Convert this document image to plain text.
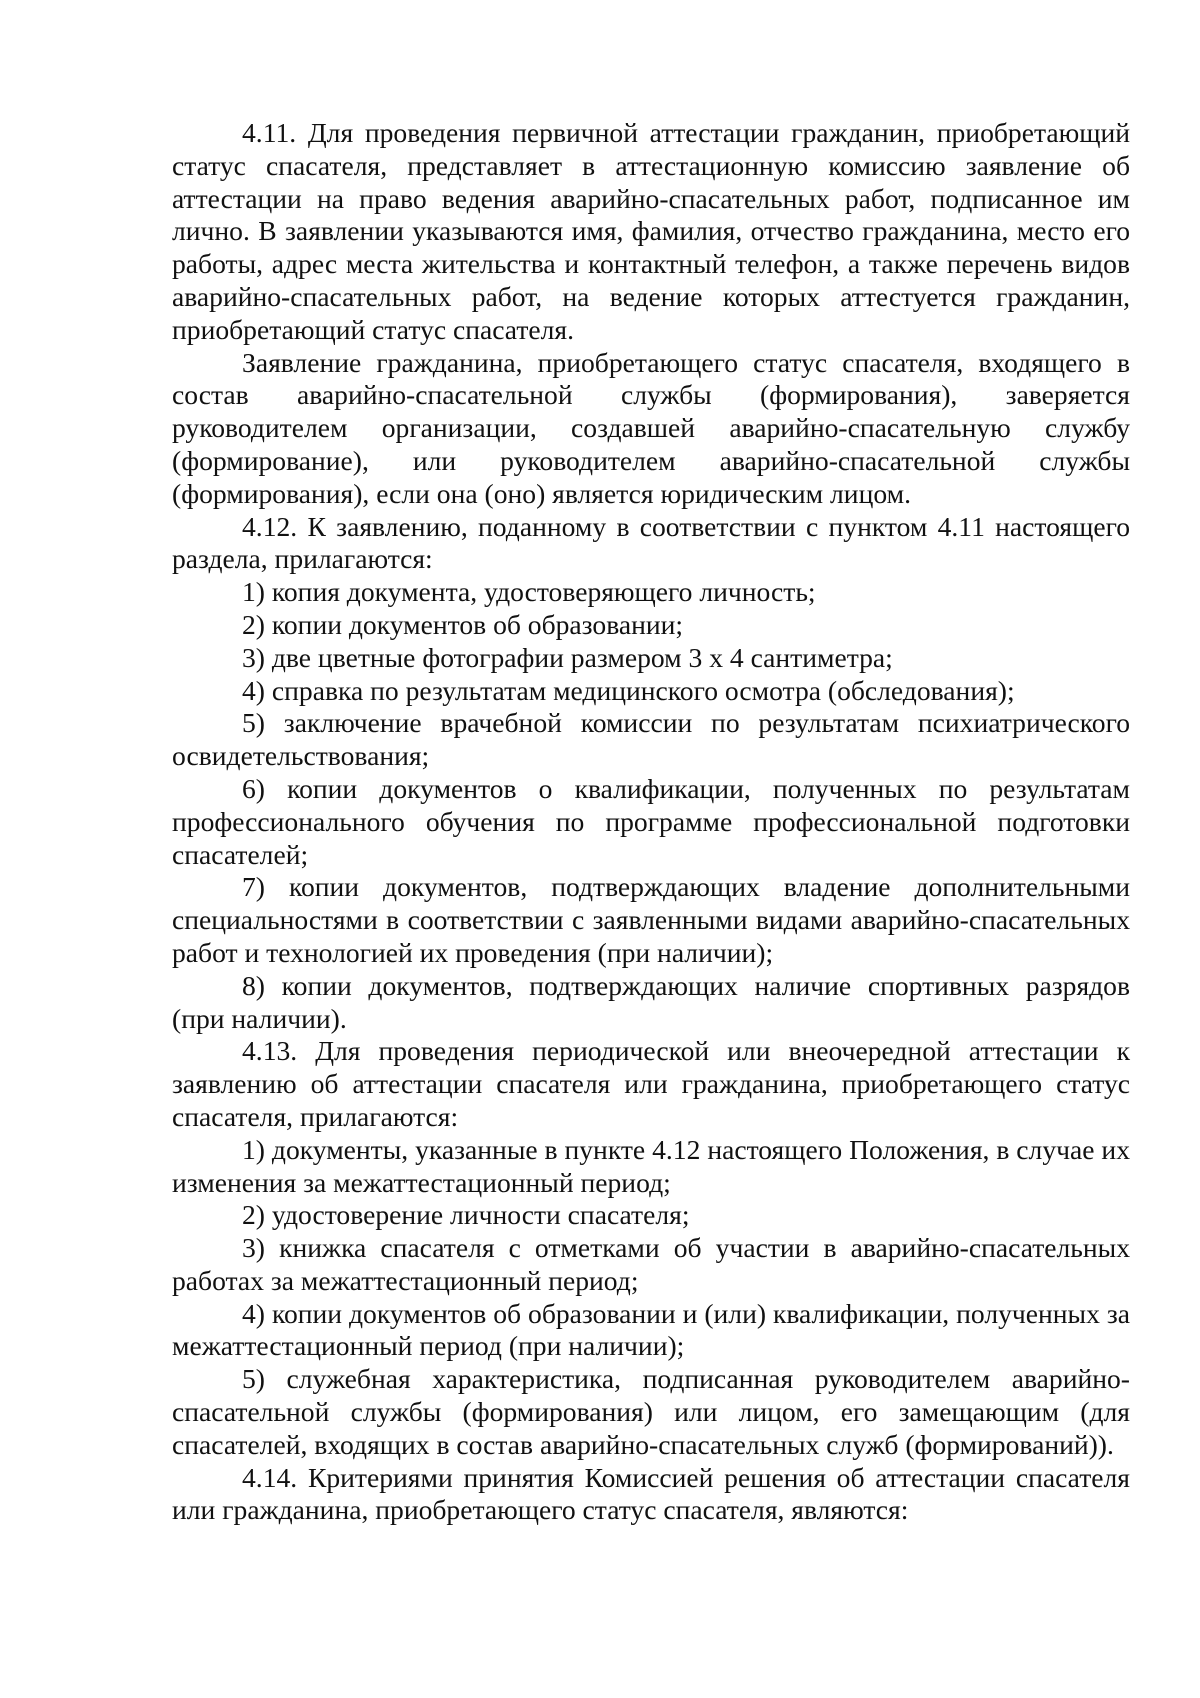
4.11. Для проведения первичной аттестации гражданин, приобретающий статус спасателя, представляет в аттестационную комиссию заявление об аттестации на право ведения аварийно-спасательных работ, подписанное им лично. В заявлении указываются имя, фамилия, отчество гражданина, место его работы, адрес места жительства и контактный телефон, а также перечень видов аварийно-спасательных работ, на ведение которых аттестуется гражданин, приобретающий статус спасателя.

Заявление гражданина, приобретающего статус спасателя, входящего в состав аварийно-спасательной службы (формирования), заверяется руководителем организации, создавшей аварийно-спасательную службу (формирование), или руководителем аварийно-спасательной службы (формирования), если она (оно) является юридическим лицом.

4.12. К заявлению, поданному в соответствии с пунктом 4.11 настоящего раздела, прилагаются:

1) копия документа, удостоверяющего личность;

2) копии документов об образовании;

3) две цветные фотографии размером 3 х 4 сантиметра;

4) справка по результатам медицинского осмотра (обследования);

5) заключение врачебной комиссии по результатам психиатрического освидетельствования;

6) копии документов о квалификации, полученных по результатам профессионального обучения по программе профессиональной подготовки спасателей;

7) копии документов, подтверждающих владение дополнительными специальностями в соответствии с заявленными видами аварийно-спасательных работ и технологией их проведения (при наличии);

8) копии документов, подтверждающих наличие спортивных разрядов (при наличии).

4.13. Для проведения периодической или внеочередной аттестации к заявлению об аттестации спасателя или гражданина, приобретающего статус спасателя, прилагаются:

1) документы, указанные в пункте 4.12 настоящего Положения, в случае их изменения за межаттестационный период;

2) удостоверение личности спасателя;

3) книжка спасателя с отметками об участии в аварийно-спасательных работах за межаттестационный период;

4) копии документов об образовании и (или) квалификации, полученных за межаттестационный период (при наличии);

5) служебная характеристика, подписанная руководителем аварийно-спасательной службы (формирования) или лицом, его замещающим (для спасателей, входящих в состав аварийно-спасательных служб (формирований)).

4.14. Критериями принятия Комиссией решения об аттестации спасателя или гражданина, приобретающего статус спасателя, являются:
